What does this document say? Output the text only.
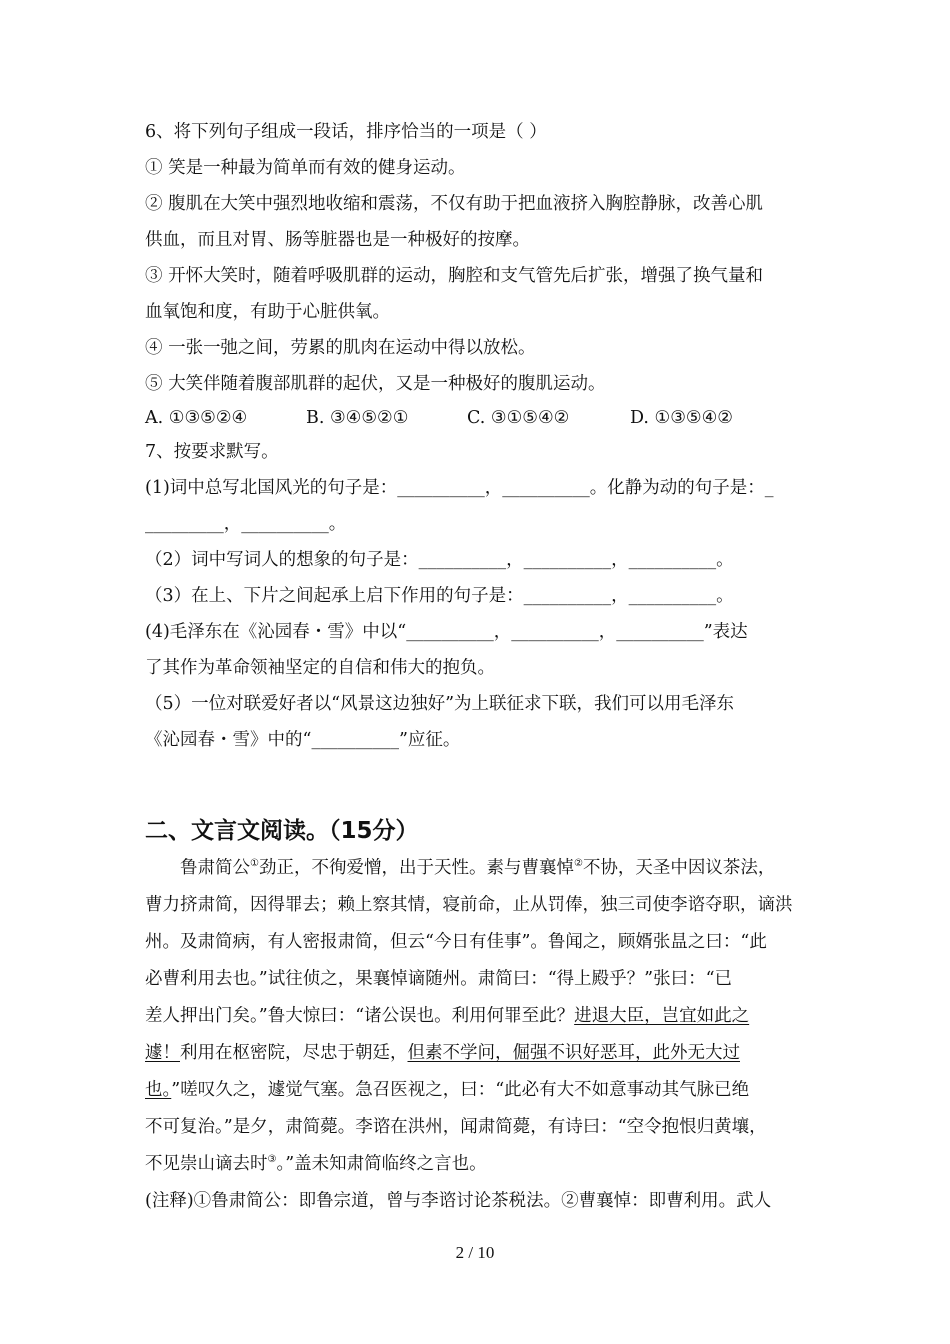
6、将下列句子组成一段话，排序恰当的一项是（ ）
① 笑是一种最为简单而有效的健身运动。
② 腹肌在大笑中强烈地收缩和震荡，不仅有助于把血液挤入胸腔静脉，改善心肌
供血，而且对胃、肠等脏器也是一种极好的按摩。
③ 开怀大笑时，随着呼吸肌群的运动，胸腔和支气管先后扩张，增强了换气量和
血氧饱和度，有助于心脏供氧。
④ 一张一弛之间，劳累的肌肉在运动中得以放松。
⑤ 大笑伴随着腹部肌群的起伏，又是一种极好的腹肌运动。
A. ①③⑤②④	B. ③④⑤②①	C. ③①⑤④②	D. ①③⑤④②
7、按要求默写。
(1)词中总写北国风光的句子是：__________，__________。化静为动的句子是：_
_________，__________。
（2）词中写词人的想象的句子是：__________，__________，__________。
（3）在上、下片之间起承上启下作用的句子是：__________，__________。
(4)毛泽东在《沁园春・雪》中以“__________，__________，__________”表达
了其作为革命领袖坚定的自信和伟大的抱负。
（5）一位对联爱好者以“风景这边独好”为上联征求下联，我们可以用毛泽东
《沁园春・雪》中的“__________”应征。
二、文言文阅读。（15分）
鲁肃简公①劲正，不徇爱憎，出于天性。素与曹襄悼②不协，天圣中因议茶法，
曹力挤肃简，因得罪去；赖上察其情，寝前命，止从罚俸，独三司使李谘夺职，谪洪
州。及肃简病，有人密报肃简，但云“今日有佳事”。鲁闻之，顾婿张昷之曰：“此
必曹利用去也。”试往侦之，果襄悼谪随州。肃简曰：“得上殿乎？”张曰：“已
差人押出门矣。”鲁大惊曰：“诸公误也。利用何罪至此？进退大臣，岂宜如此之
遽！利用在枢密院，尽忠于朝廷，但素不学问，倔强不识好恶耳，此外无大过
也。”嗟叹久之，遽觉气塞。急召医视之，曰：“此必有大不如意事动其气脉已绝
不可复治。”是夕，肃简薨。李谘在洪州，闻肃简薨，有诗曰：“空令抱恨归黄壤，
不见崇山谪去时③。”盖未知肃简临终之言也。
(注释)①鲁肃简公：即鲁宗道，曾与李谘讨论茶税法。②曹襄悼：即曹利用。武人
2 / 10
